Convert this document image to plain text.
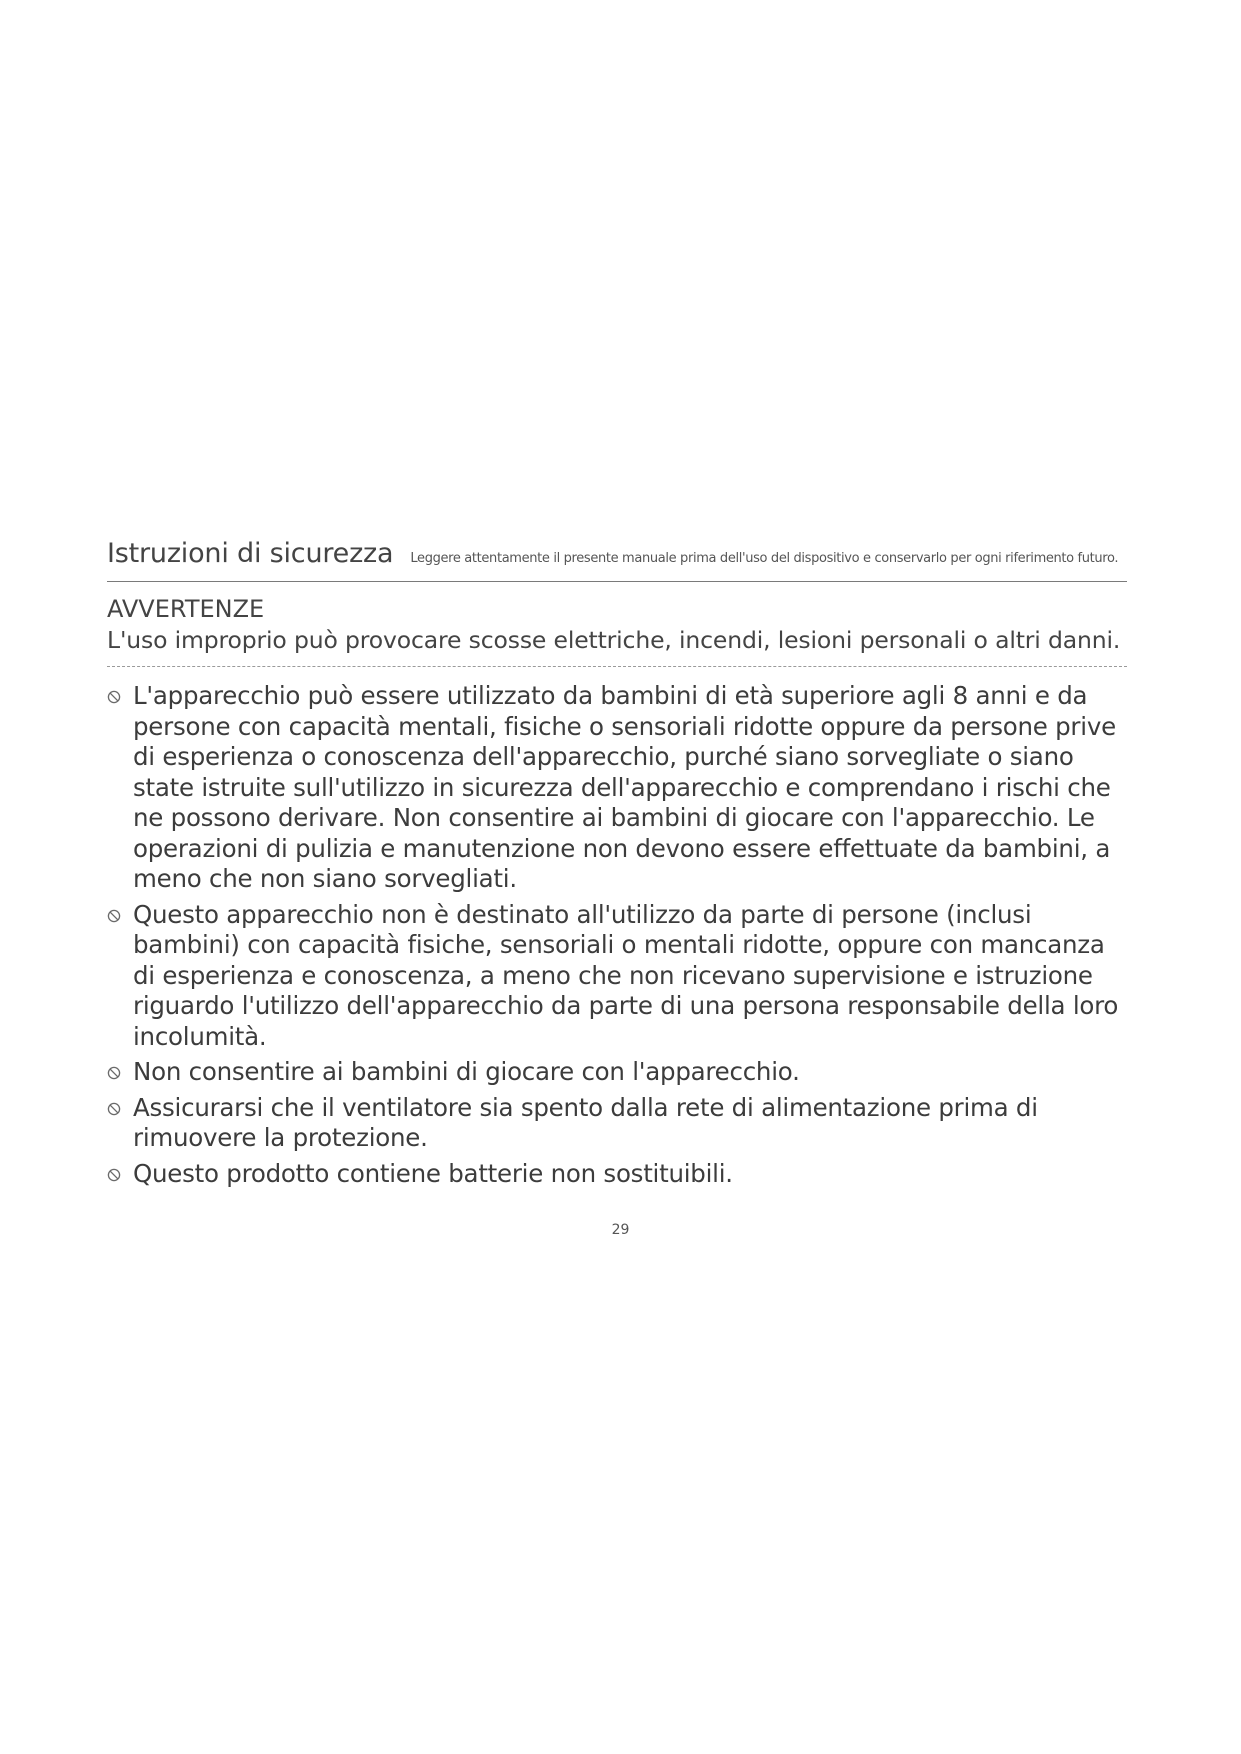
Istruzioni di sicurezza Leggere attentamente il presente manuale prima dell'uso del dispositivo e conservarlo per ogni riferimento futuro.
AVVERTENZE
L'uso improprio può provocare scosse elettriche, incendi, lesioni personali o altri danni.
L'apparecchio può essere utilizzato da bambini di età superiore agli 8 anni e da persone con capacità mentali, fisiche o sensoriali ridotte oppure da persone prive di esperienza o conoscenza dell'apparecchio, purché siano sorvegliate o siano state istruite sull'utilizzo in sicurezza dell'apparecchio e comprendano i rischi che ne possono derivare. Non consentire ai bambini di giocare con l'apparecchio. Le operazioni di pulizia e manutenzione non devono essere effettuate da bambini, a meno che non siano sorvegliati.
Questo apparecchio non è destinato all'utilizzo da parte di persone (inclusi bambini) con capacità fisiche, sensoriali o mentali ridotte, oppure con mancanza di esperienza e conoscenza, a meno che non ricevano supervisione e istruzione riguardo l'utilizzo dell'apparecchio da parte di una persona responsabile della loro incolumità.
Non consentire ai bambini di giocare con l'apparecchio.
Assicurarsi che il ventilatore sia spento dalla rete di alimentazione prima di rimuovere la protezione.
Questo prodotto contiene batterie non sostituibili.
29
